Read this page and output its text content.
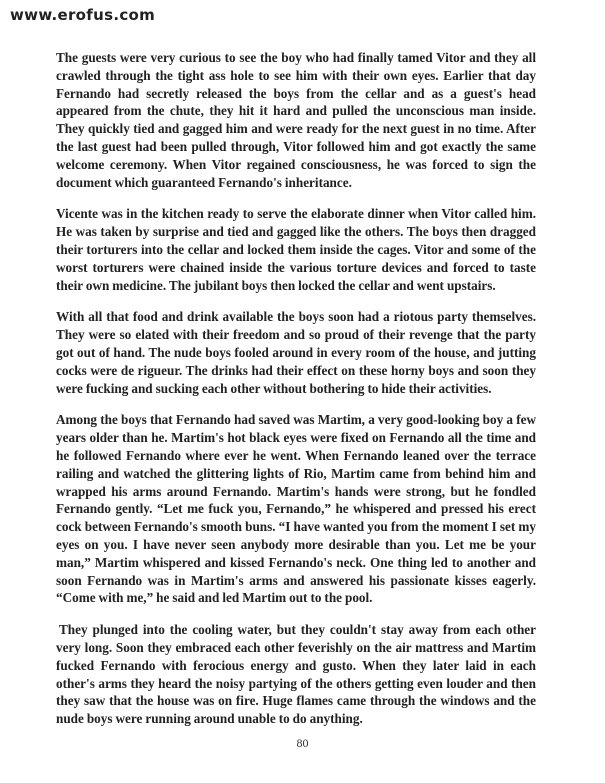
www.erofus.com

The guests were very curious to see the boy who had finally tamed Vitor and they all crawled through the tight ass hole to see him with their own eyes. Earlier that day Fernando had secretly released the boys from the cellar and as a guest's head appeared from the chute, they hit it hard and pulled the unconscious man inside. They quickly tied and gagged him and were ready for the next guest in no time. After the last guest had been pulled through, Vitor followed him and got exactly the same welcome ceremony. When Vitor regained consciousness, he was forced to sign the document which guaranteed Fernando's inheritance.

Vicente was in the kitchen ready to serve the elaborate dinner when Vitor called him. He was taken by surprise and tied and gagged like the others. The boys then dragged their torturers into the cellar and locked them inside the cages. Vitor and some of the worst torturers were chained inside the various torture devices and forced to taste their own medicine. The jubilant boys then locked the cellar and went upstairs.

With all that food and drink available the boys soon had a riotous party themselves. They were so elated with their freedom and so proud of their revenge that the party got out of hand. The nude boys fooled around in every room of the house, and jutting cocks were de rigueur. The drinks had their effect on these horny boys and soon they were fucking and sucking each other without bothering to hide their activities.

Among the boys that Fernando had saved was Martim, a very good-looking boy a few years older than he. Martim's hot black eyes were fixed on Fernando all the time and he followed Fernando where ever he went. When Fernando leaned over the terrace railing and watched the glittering lights of Rio, Martim came from behind him and wrapped his arms around Fernando. Martim's hands were strong, but he fondled Fernando gently. “Let me fuck you, Fernando,” he whispered and pressed his erect cock between Fernando's smooth buns. “I have wanted you from the moment I set my eyes on you. I have never seen anybody more desirable than you. Let me be your man,” Martim whispered and kissed Fernando's neck. One thing led to another and soon Fernando was in Martim's arms and answered his passionate kisses eagerly. “Come with me,” he said and led Martim out to the pool.

They plunged into the cooling water, but they couldn't stay away from each other very long. Soon they embraced each other feverishly on the air mattress and Martim fucked Fernando with ferocious energy and gusto. When they later laid in each other's arms they heard the noisy partying of the others getting even louder and then they saw that the house was on fire. Huge flames came through the windows and the nude boys were running around unable to do anything.

80
